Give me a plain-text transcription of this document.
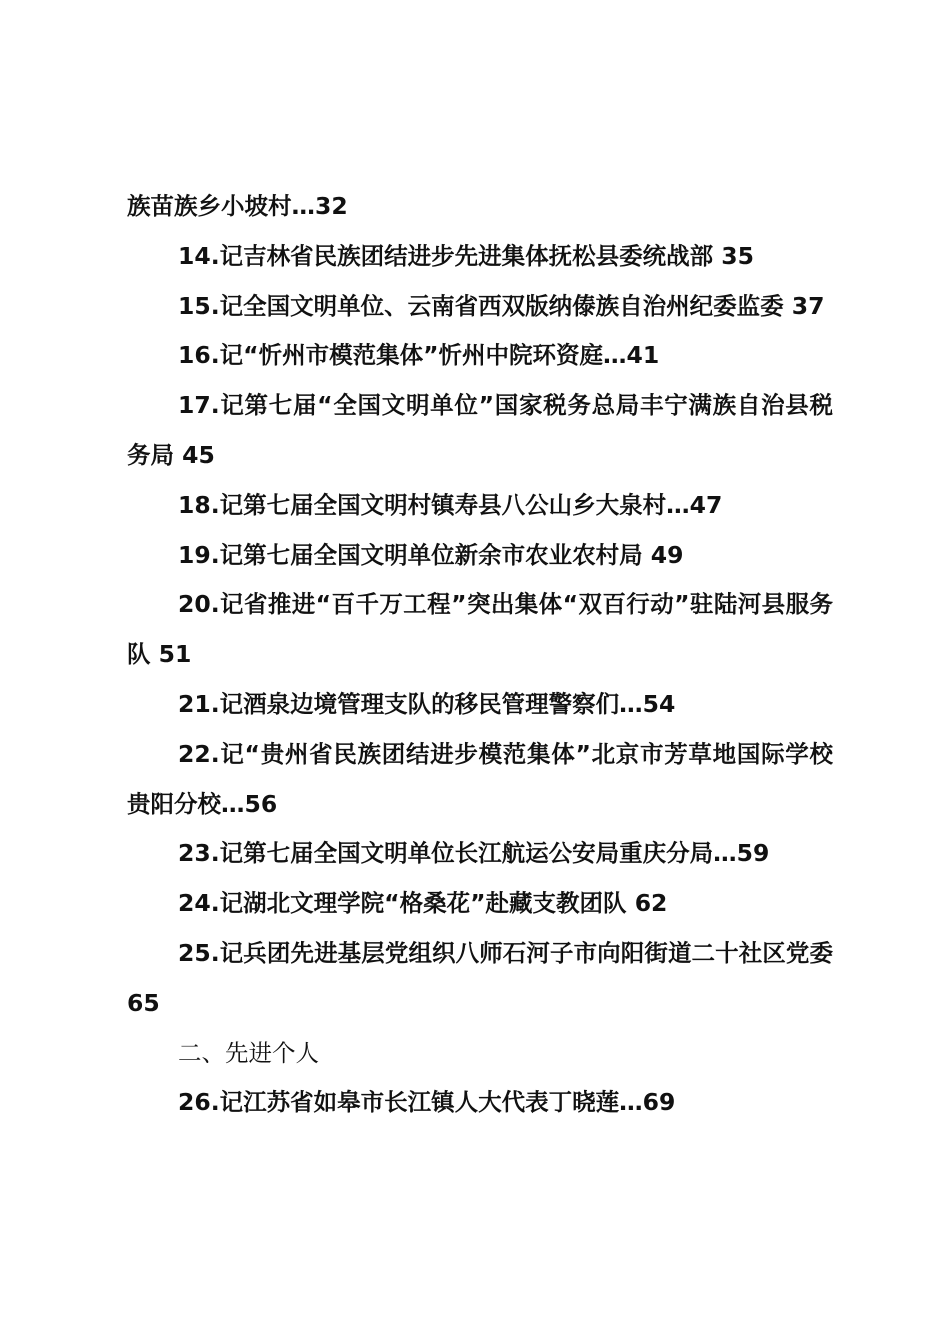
族苗族乡小坡村…32

14.记吉林省民族团结进步先进集体抚松县委统战部 35

15.记全国文明单位、云南省西双版纳傣族自治州纪委监委 37

16.记“忻州市模范集体”忻州中院环资庭…41

17.记第七届“全国文明单位”国家税务总局丰宁满族自治县税务局 45

18.记第七届全国文明村镇寿县八公山乡大泉村…47

19.记第七届全国文明单位新余市农业农村局 49

20.记省推进“百千万工程”突出集体“双百行动”驻陆河县服务队 51

21.记酒泉边境管理支队的移民管理警察们…54

22.记“贵州省民族团结进步模范集体”北京市芳草地国际学校贵阳分校…56

23.记第七届全国文明单位长江航运公安局重庆分局…59

24.记湖北文理学院“格桑花”赴藏支教团队 62

25.记兵团先进基层党组织八师石河子市向阳街道二十社区党委 65

二、先进个人

26.记江苏省如皋市长江镇人大代表丁晓莲…69
